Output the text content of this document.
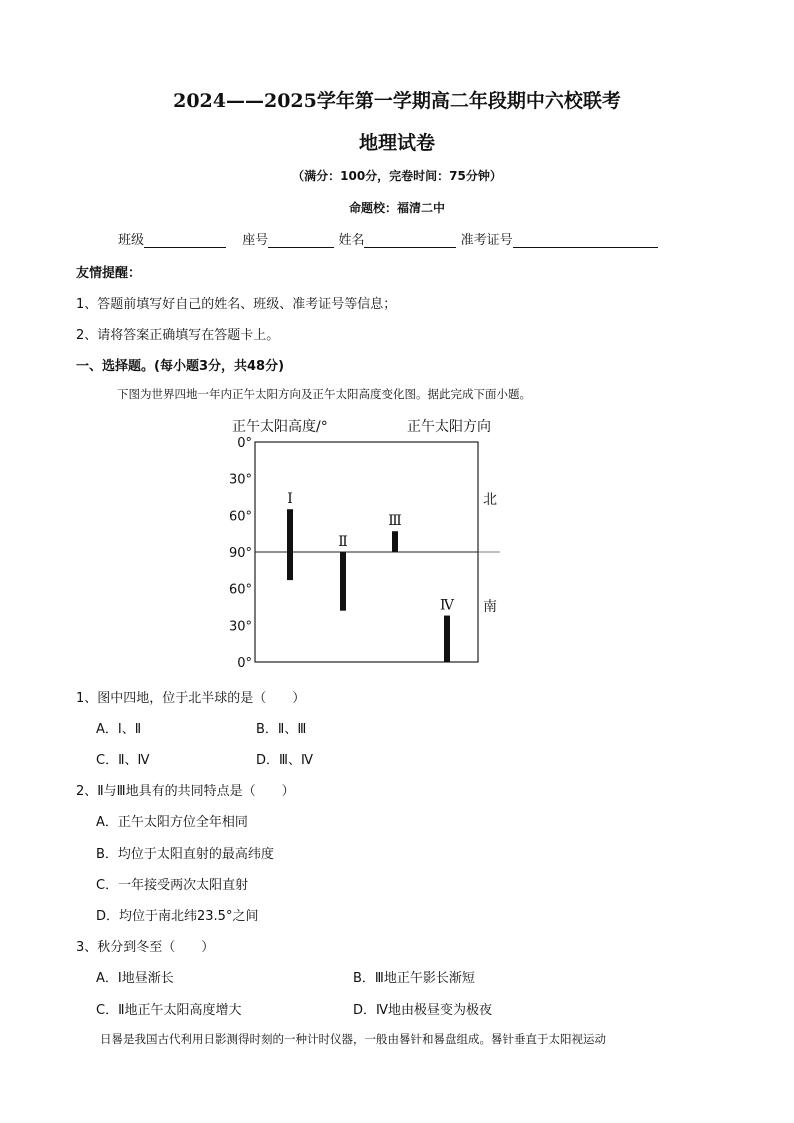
2024——2025学年第一学期高二年段期中六校联考
地理试卷
（满分：100分，完卷时间：75分钟）
命题校：福清二中
班级	座号	姓名	准考证号
友情提醒：
1、答题前填写好自己的姓名、班级、准考证号等信息；
2、请将答案正确填写在答题卡上。
一、选择题。(每小题3分，共48分)
下图为世界四地一年内正午太阳方向及正午太阳高度变化图。据此完成下面小题。
正午太阳高度/°	正午太阳方向
0°
30°
60°
90°
60°
30°
0°
Ⅰ
Ⅱ
Ⅲ
Ⅳ
北
南
1、图中四地，位于北半球的是（　　）
A．Ⅰ、Ⅱ	B．Ⅱ、Ⅲ
C．Ⅱ、Ⅳ	D．Ⅲ、Ⅳ
2、Ⅱ与Ⅲ地具有的共同特点是（　　）
A．正午太阳方位全年相同
B．均位于太阳直射的最高纬度
C．一年接受两次太阳直射
D．均位于南北纬23.5°之间
3、秋分到冬至（　　）
A．Ⅰ地昼渐长	B．Ⅲ地正午影长渐短
C．Ⅱ地正午太阳高度增大	D．Ⅳ地由极昼变为极夜
日晷是我国古代利用日影测得时刻的一种计时仪器，一般由晷针和晷盘组成。晷针垂直于太阳视运动
